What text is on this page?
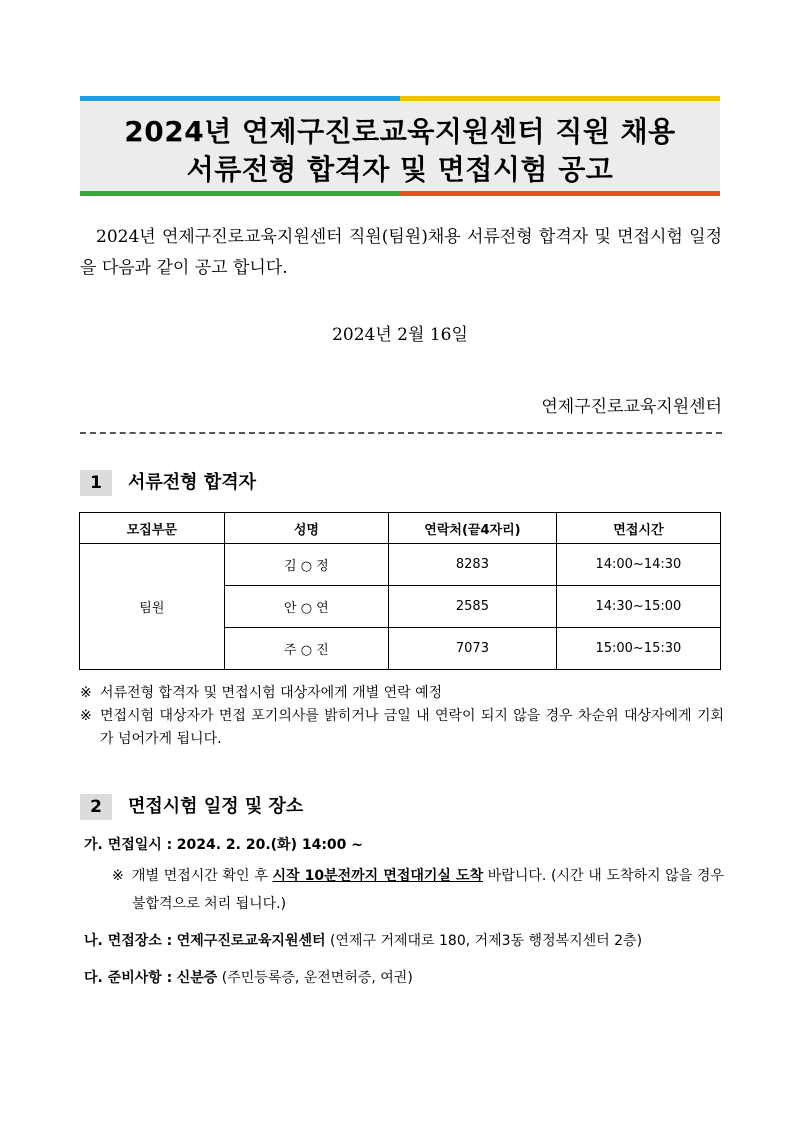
2024년 연제구진로교육지원센터 직원 채용
서류전형 합격자 및 면접시험 공고
2024년 연제구진로교육지원센터 직원(팀원)채용 서류전형 합격자 및 면접시험 일정을 다음과 같이 공고 합니다.
2024년 2월 16일
연제구진로교육지원센터
1	서류전형 합격자
모집부문	성명	연락처(끝4자리)	면접시간
팀원	김 ○ 정	8283	14:00~14:30
	안 ○ 연	2585	14:30~15:00
	주 ○ 진	7073	15:00~15:30
※ 서류전형 합격자 및 면접시험 대상자에게 개별 연락 예정
※ 면접시험 대상자가 면접 포기의사를 밝히거나 금일 내 연락이 되지 않을 경우 차순위 대상자에게 기회가 넘어가게 됩니다.
2	면접시험 일정 및 장소
가. 면접일시 : 2024. 2. 20.(화) 14:00 ~
※ 개별 면접시간 확인 후 시작 10분전까지 면접대기실 도착 바랍니다. (시간 내 도착하지 않을 경우 불합격으로 처리 됩니다.)
나. 면접장소 : 연제구진로교육지원센터 (연제구 거제대로 180, 거제3동 행정복지센터 2층)
다. 준비사항 : 신분증 (주민등록증, 운전면허증, 여권)
